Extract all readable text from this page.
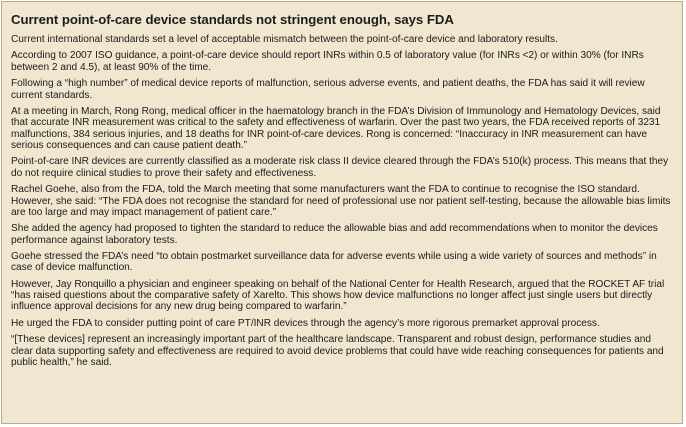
Current point-of-care device standards not stringent enough, says FDA

Current international standards set a level of acceptable mismatch between the point-of-care device and laboratory results.

According to 2007 ISO guidance, a point-of-care device should report INRs within 0.5 of laboratory value (for INRs <2) or within 30% (for INRs between 2 and 4.5), at least 90% of the time.

Following a “high number” of medical device reports of malfunction, serious adverse events, and patient deaths, the FDA has said it will review current standards.

At a meeting in March, Rong Rong, medical officer in the haematology branch in the FDA’s Division of Immunology and Hematology Devices, said that accurate INR measurement was critical to the safety and effectiveness of warfarin. Over the past two years, the FDA received reports of 3231 malfunctions, 384 serious injuries, and 18 deaths for INR point-of-care devices. Rong is concerned: “Inaccuracy in INR measurement can have serious consequences and can cause patient death.”

Point-of-care INR devices are currently classified as a moderate risk class II device cleared through the FDA’s 510(k) process. This means that they do not require clinical studies to prove their safety and effectiveness.

Rachel Goehe, also from the FDA, told the March meeting that some manufacturers want the FDA to continue to recognise the ISO standard. However, she said: “The FDA does not recognise the standard for need of professional use nor patient self-testing, because the allowable bias limits are too large and may impact management of patient care.”

She added the agency had proposed to tighten the standard to reduce the allowable bias and add recommendations when to monitor the devices performance against laboratory tests.

Goehe stressed the FDA’s need “to obtain postmarket surveillance data for adverse events while using a wide variety of sources and methods” in case of device malfunction.

However, Jay Ronquillo a physician and engineer speaking on behalf of the National Center for Health Research, argued that the ROCKET AF trial “has raised questions about the comparative safety of Xarelto. This shows how device malfunctions no longer affect just single users but directly influence approval decisions for any new drug being compared to warfarin.”

He urged the FDA to consider putting point of care PT/INR devices through the agency’s more rigorous premarket approval process.

“[These devices] represent an increasingly important part of the healthcare landscape. Transparent and robust design, performance studies and clear data supporting safety and effectiveness are required to avoid device problems that could have wide reaching consequences for patients and public health,” he said.
